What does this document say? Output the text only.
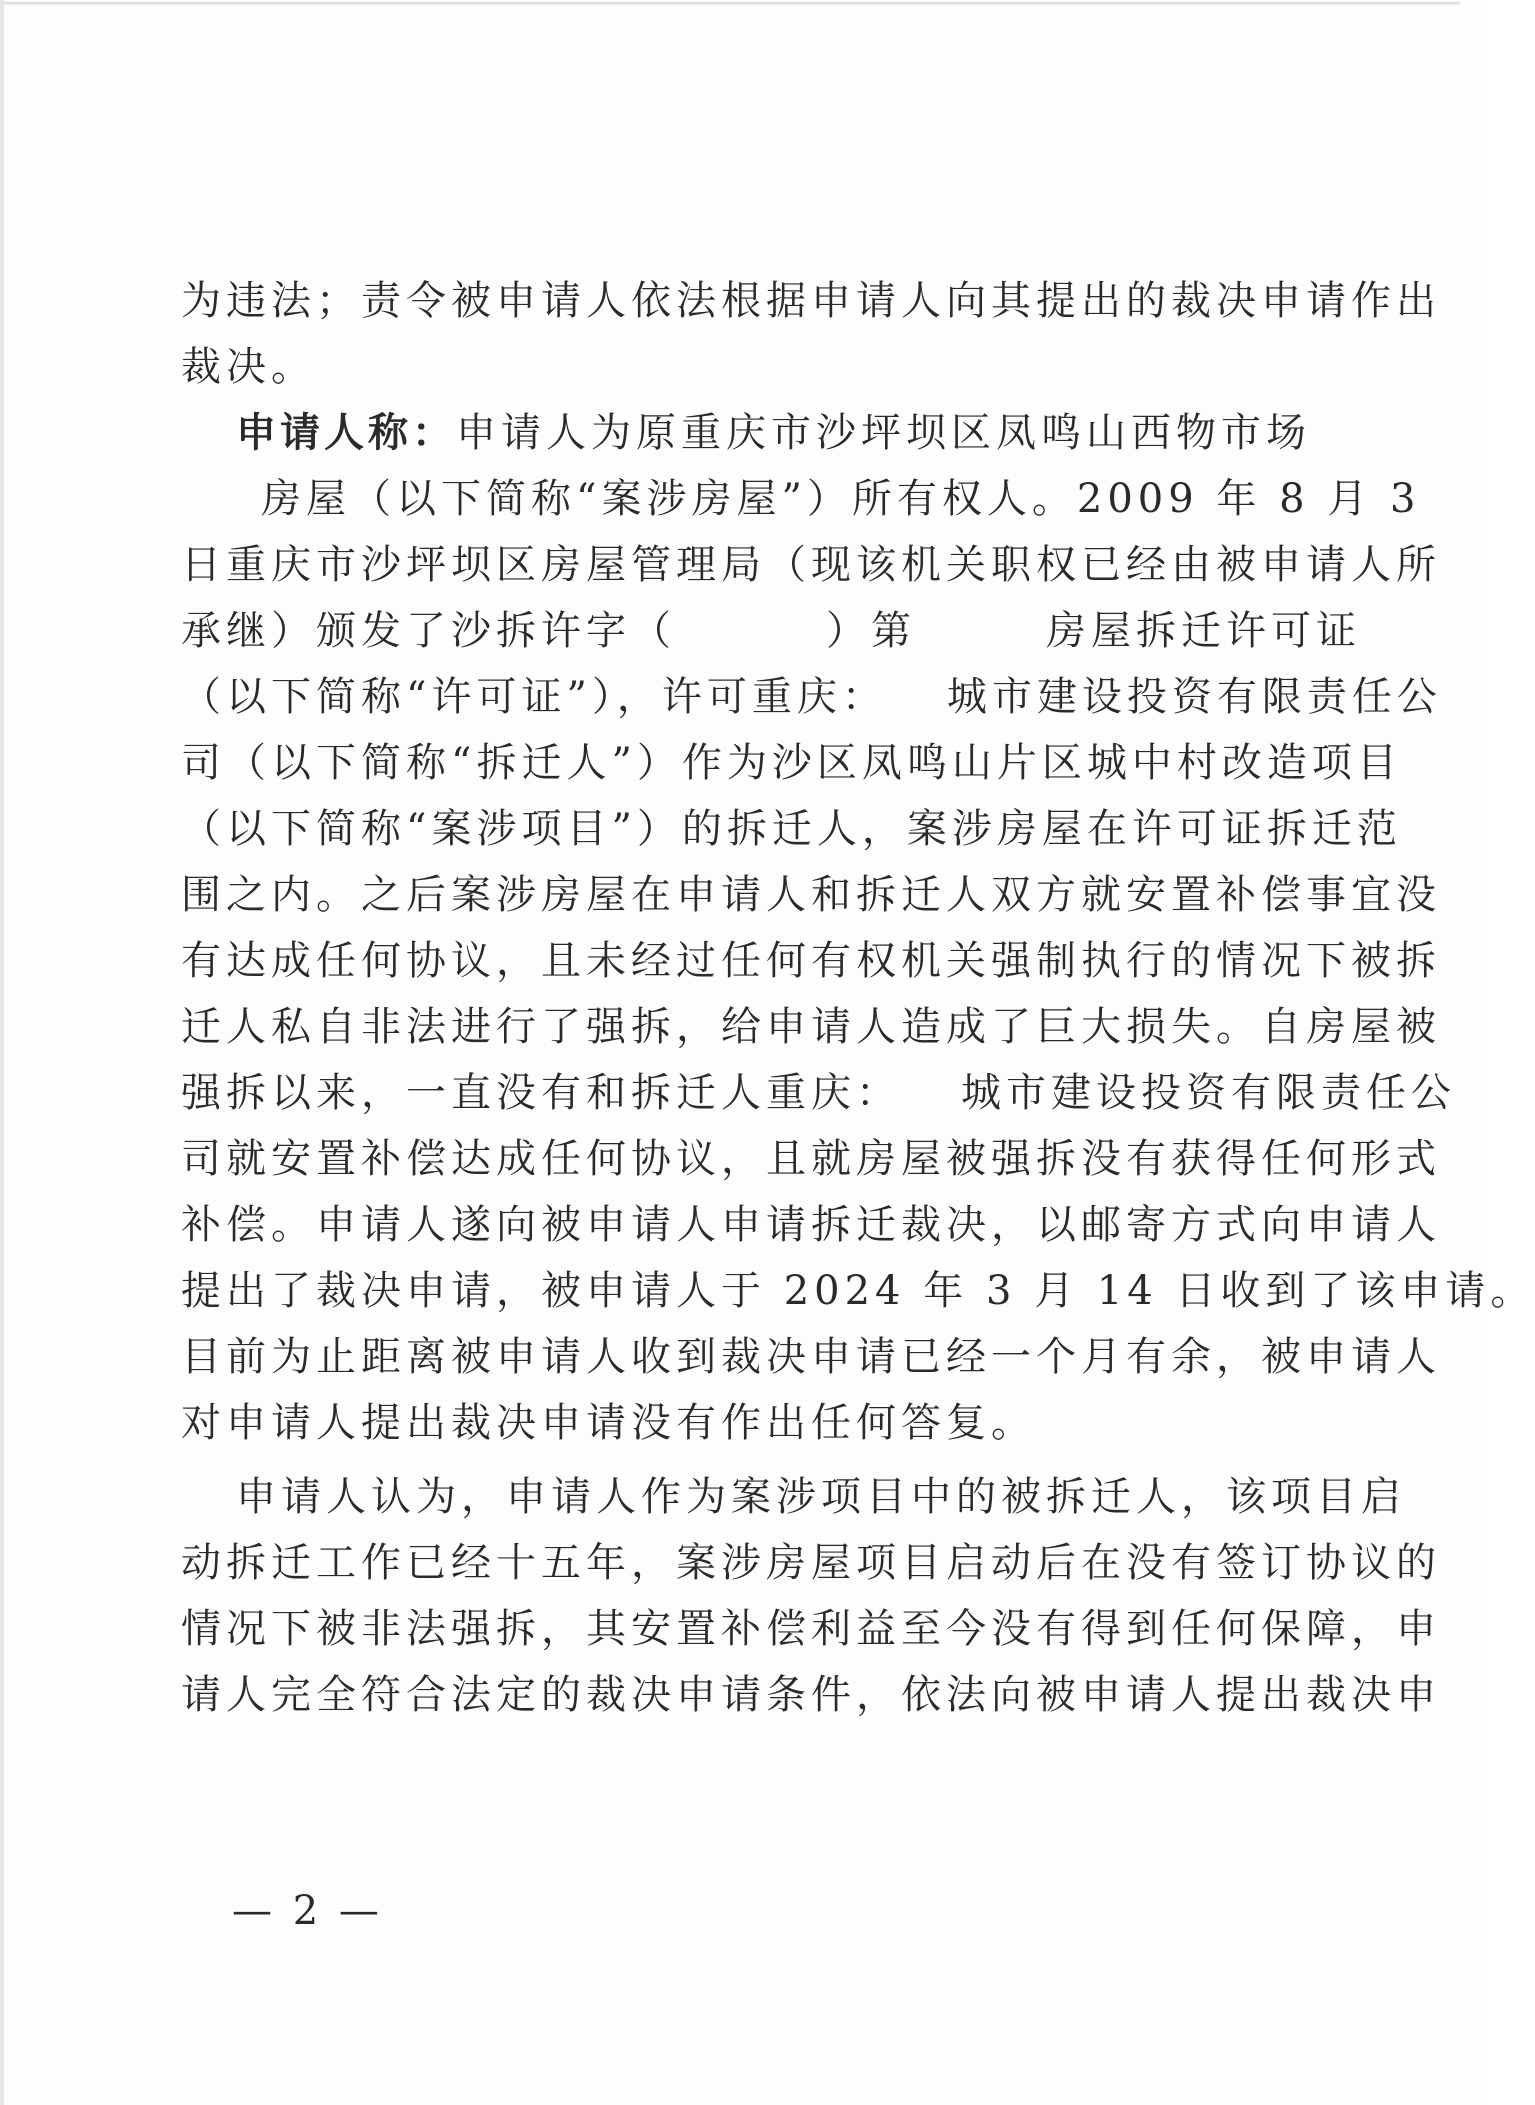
为违法；责令被申请人依法根据申请人向其提出的裁决申请作出
裁决。
申请人称：申请人为原重庆市沙坪坝区凤鸣山西物市场
房屋（以下简称“案涉房屋”）所有权人。2009 年 8 月 3
日重庆市沙坪坝区房屋管理局（现该机关职权已经由被申请人所
承继）颁发了沙拆许字（	）第	房屋拆迁许可证
（以下简称“许可证”），许可重庆： 城市建设投资有限责任公
司（以下简称“拆迁人”）作为沙区凤鸣山片区城中村改造项目
（以下简称“案涉项目”）的拆迁人，案涉房屋在许可证拆迁范
围之内。之后案涉房屋在申请人和拆迁人双方就安置补偿事宜没
有达成任何协议，且未经过任何有权机关强制执行的情况下被拆
迁人私自非法进行了强拆，给申请人造成了巨大损失。自房屋被
强拆以来，一直没有和拆迁人重庆： 城市建设投资有限责任公
司就安置补偿达成任何协议，且就房屋被强拆没有获得任何形式
补偿。申请人遂向被申请人申请拆迁裁决，以邮寄方式向申请人
提出了裁决申请，被申请人于 2024 年 3 月 14 日收到了该申请。
目前为止距离被申请人收到裁决申请已经一个月有余，被申请人
对申请人提出裁决申请没有作出任何答复。
申请人认为，申请人作为案涉项目中的被拆迁人，该项目启
动拆迁工作已经十五年，案涉房屋项目启动后在没有签订协议的
情况下被非法强拆，其安置补偿利益至今没有得到任何保障，申
请人完全符合法定的裁决申请条件，依法向被申请人提出裁决申
— 2 —
